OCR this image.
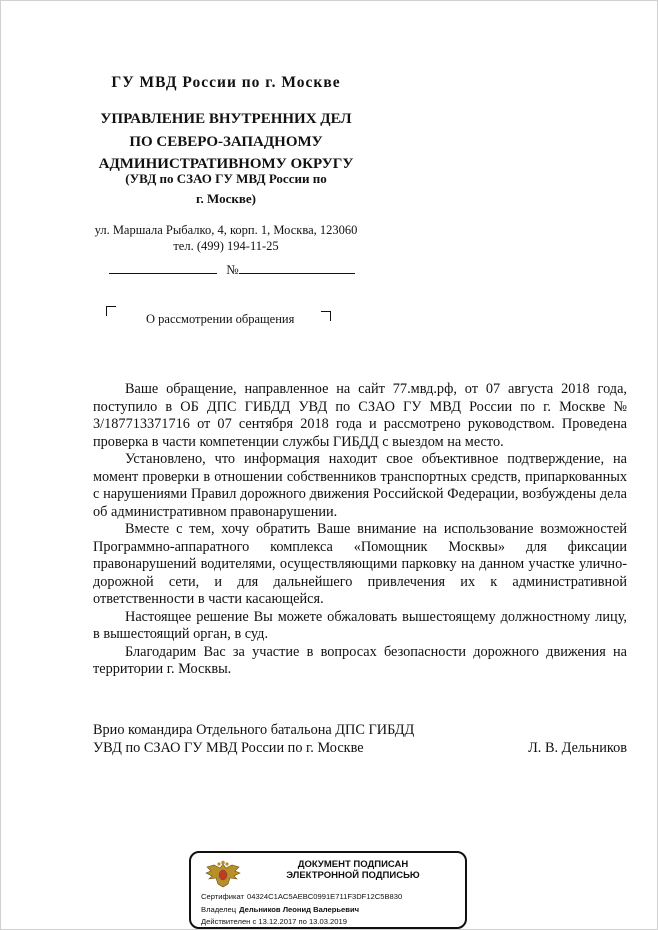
ГУ МВД России по г. Москве
УПРАВЛЕНИЕ ВНУТРЕННИХ ДЕЛ
ПО СЕВЕРО-ЗАПАДНОМУ
АДМИНИСТРАТИВНОМУ ОКРУГУ
(УВД по СЗАО ГУ МВД России по
г. Москве)
ул. Маршала Рыбалко, 4, корп. 1, Москва, 123060
тел. (499) 194-11-25
№
О рассмотрении обращения

Ваше обращение, направленное на сайт 77.мвд.рф, от 07 августа 2018 года, поступило в ОБ ДПС ГИБДД УВД по СЗАО ГУ МВД России по г. Москве № 3/187713371716 от 07 сентября 2018 года и рассмотрено руководством. Проведена проверка в части компетенции службы ГИБДД с выездом на место.

Установлено, что информация находит свое объективное подтверждение, на момент проверки в отношении собственников транспортных средств, припаркованных с нарушениями Правил дорожного движения Российской Федерации, возбуждены дела об административном правонарушении.

Вместе с тем, хочу обратить Ваше внимание на использование возможностей Программно-аппаратного комплекса «Помощник Москвы» для фиксации правонарушений водителями, осуществляющими парковку на данном участке улично-дорожной сети, и для дальнейшего привлечения их к административной ответственности в части касающейся.

Настоящее решение Вы можете обжаловать вышестоящему должностному лицу, в вышестоящий орган, в суд.

Благодарим Вас за участие в вопросах безопасности дорожного движения на территории г. Москвы.

Врио командира Отдельного батальона ДПС ГИБДД
УВД по СЗАО ГУ МВД России по г. Москве	Л. В. Дельников
ДОКУМЕНТ ПОДПИСАН
ЭЛЕКТРОННОЙ ПОДПИСЬЮ
Сертификат 04324C1AC5AEBC0991E711F3DF12C5B830
Владелец Дельников Леонид Валерьевич
Действителен с 13.12.2017 по 13.03.2019
